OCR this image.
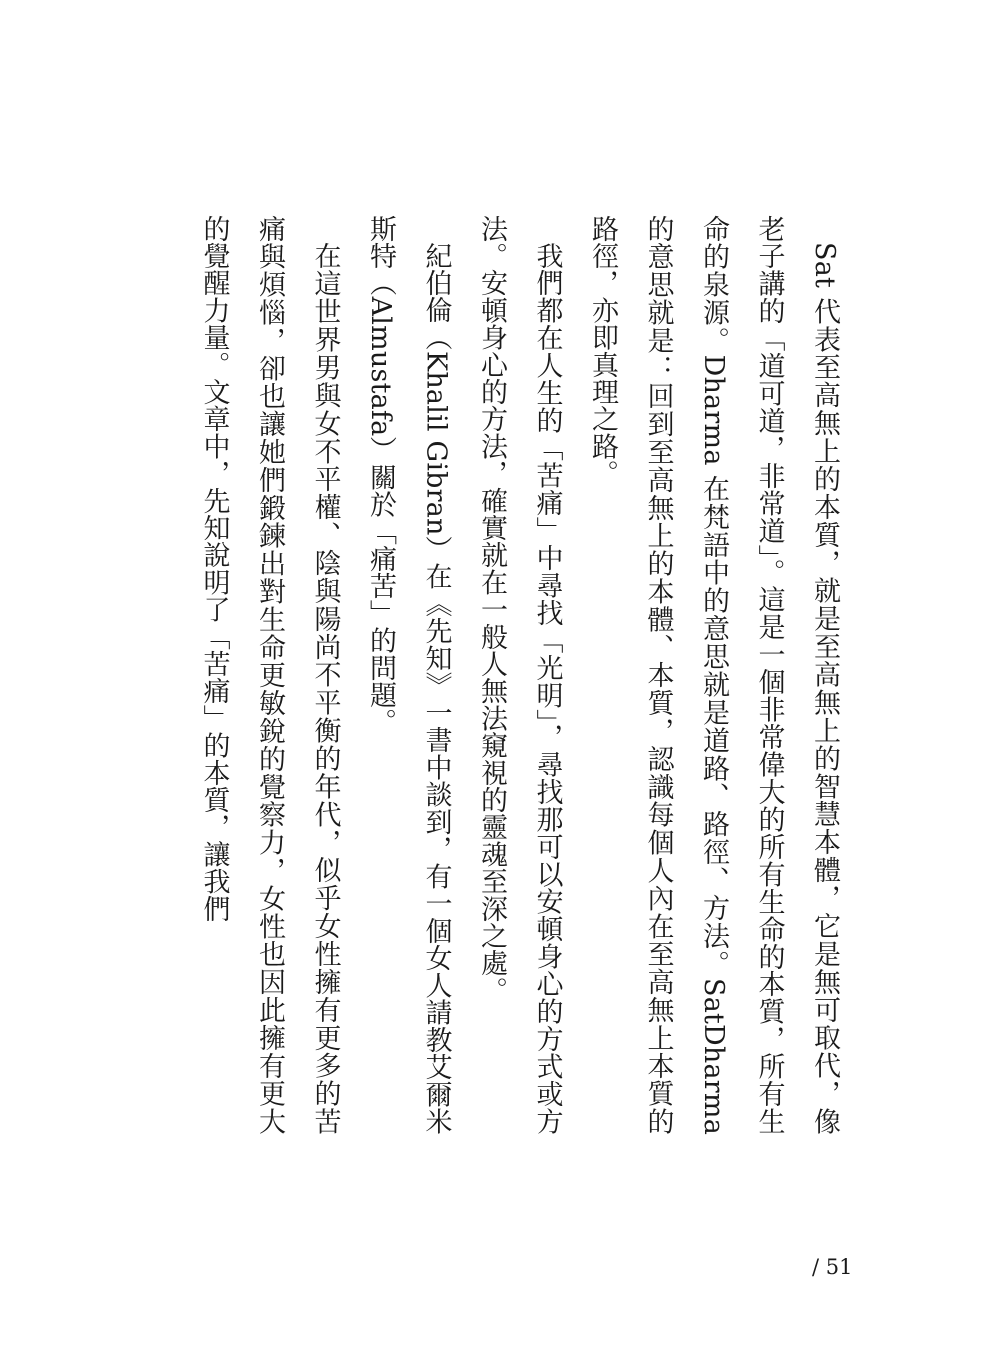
Sat 代表至高無上的本質，就是至高無上的智慧本體，它是無可取代，像老子講的「道可道，非常道」。這是一個非常偉大的所有生命的本質，所有生命的泉源。Dharma 在梵語中的意思就是道路、路徑、方法。SatDharma 的意思就是：回到至高無上的本體、本質，認識每個人內在至高無上本質的路徑，亦即真理之路。

我們都在人生的「苦痛」中尋找「光明」，尋找那可以安頓身心的方式或方法。安頓身心的方法，確實就在一般人無法窺視的靈魂至深之處。

紀伯倫（Khalil Gibran）在《先知》一書中談到，有一個女人請教艾爾米斯特（Almustafa）關於「痛苦」的問題。

在這世界男與女不平權、陰與陽尚不平衡的年代，似乎女性擁有更多的苦痛與煩惱，卻也讓她們鍛鍊出對生命更敏銳的覺察力，女性也因此擁有更大的覺醒力量。文章中，先知說明了「苦痛」的本質，讓我們

/ 51
